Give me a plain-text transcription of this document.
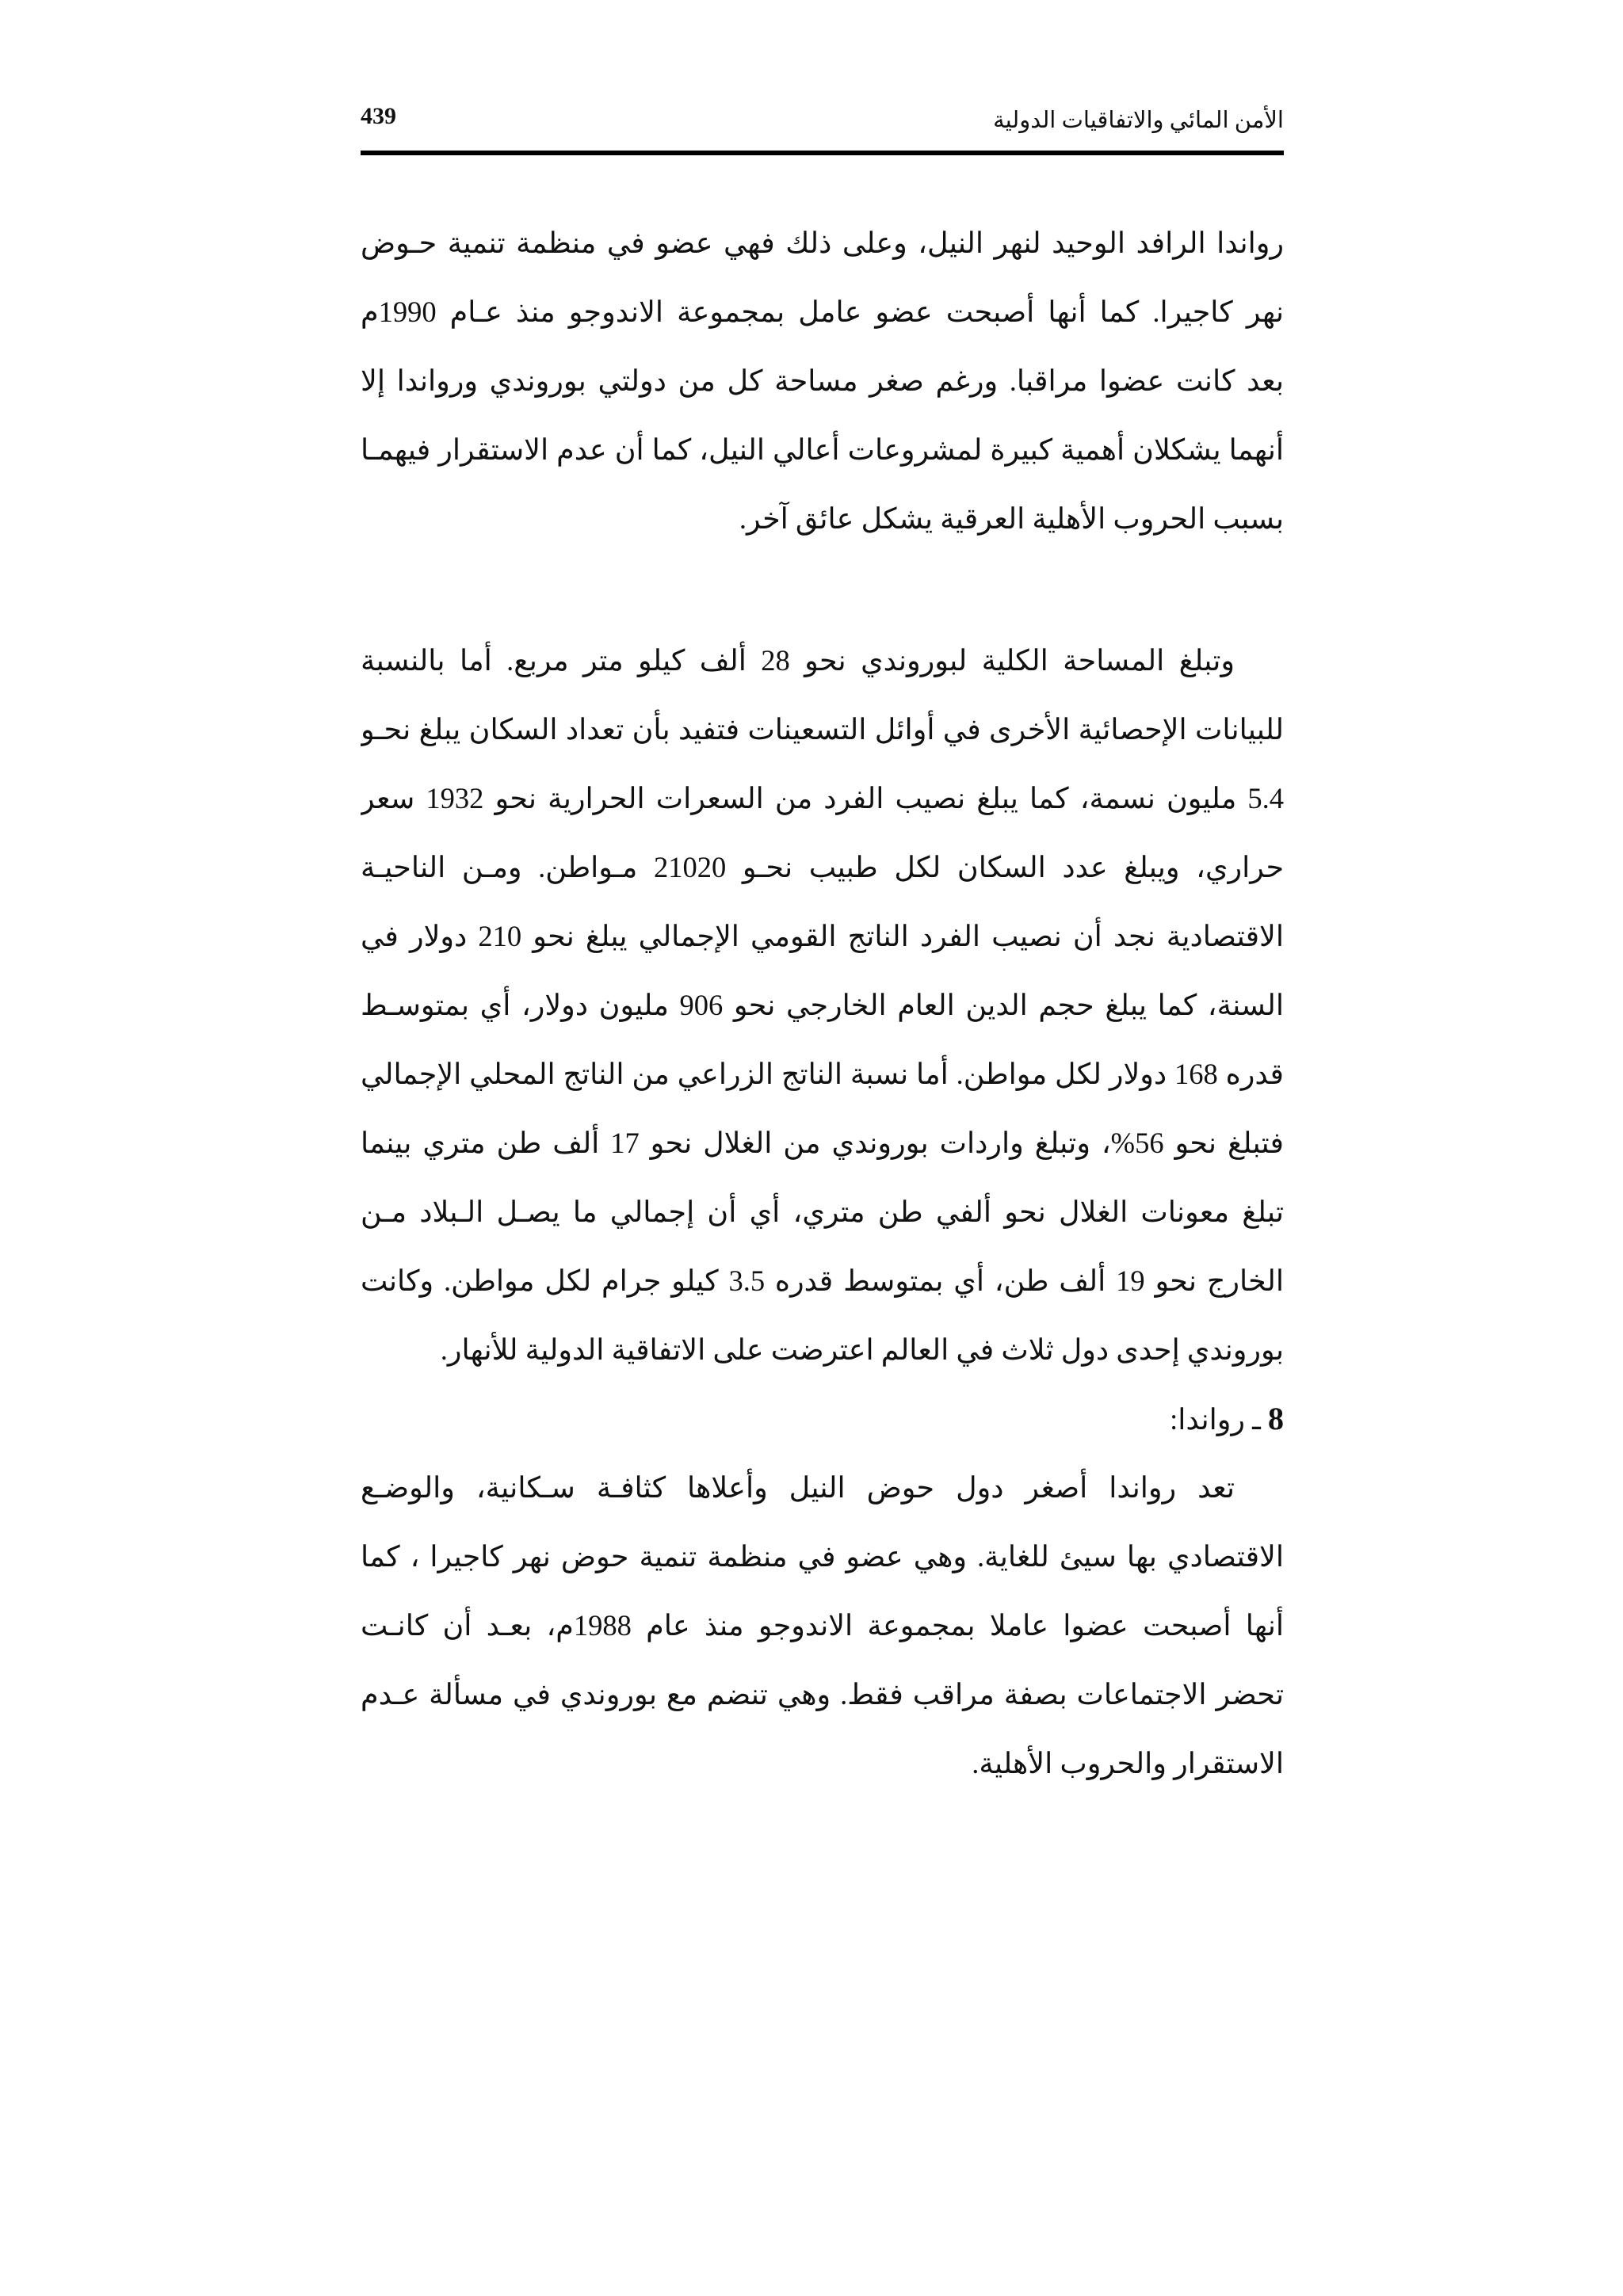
الأمن المائي والاتفاقيات الدولية
439
رواندا الرافد الوحيد لنهر النيل، وعلى ذلك فهي عضو في منظمة تنمية حـوض
نهر كاجيرا. كما أنها أصبحت عضو عامل بمجموعة الاندوجو منذ عـام 1990م
بعد كانت عضوا مراقبا. ورغم صغر مساحة كل من دولتي بوروندي ورواندا إلا
أنهما يشكلان أهمية كبيرة لمشروعات أعالي النيل، كما أن عدم الاستقرار فيهمـا
بسبب الحروب الأهلية العرقية يشكل عائق آخر.
وتبلغ المساحة الكلية لبوروندي نحو 28 ألف كيلو متر مربع. أما بالنسبة
للبيانات الإحصائية الأخرى في أوائل التسعينات فتفيد بأن تعداد السكان يبلغ نحـو
5.4 مليون نسمة، كما يبلغ نصيب الفرد من السعرات الحرارية نحو 1932 سعر
حراري، ويبلغ عدد السكان لكل طبيب نحـو 21020 مـواطن. ومـن الناحيـة
الاقتصادية نجد أن نصيب الفرد الناتج القومي الإجمالي يبلغ نحو 210 دولار في
السنة، كما يبلغ حجم الدين العام الخارجي نحو 906 مليون دولار، أي بمتوسـط
قدره 168 دولار لكل مواطن. أما نسبة الناتج الزراعي من الناتج المحلي الإجمالي
فتبلغ نحو 56%، وتبلغ واردات بوروندي من الغلال نحو 17 ألف طن متري بينما
تبلغ معونات الغلال نحو ألفي طن متري، أي أن إجمالي ما يصـل الـبلاد مـن
الخارج نحو 19 ألف طن، أي بمتوسط قدره 3.5 كيلو جرام لكل مواطن. وكانت
بوروندي إحدى دول ثلاث في العالم اعترضت على الاتفاقية الدولية للأنهار.
8 ـ رواندا:
تعد رواندا أصغر دول حوض النيل وأعلاها كثافـة سـكانية، والوضـع
الاقتصادي بها سيئ للغاية. وهي عضو في منظمة تنمية حوض نهر كاجيرا ، كما
أنها أصبحت عضوا عاملا بمجموعة الاندوجو منذ عام 1988م، بعـد أن كانـت
تحضر الاجتماعات بصفة مراقب فقط. وهي تنضم مع بوروندي في مسألة عـدم
الاستقرار والحروب الأهلية.
